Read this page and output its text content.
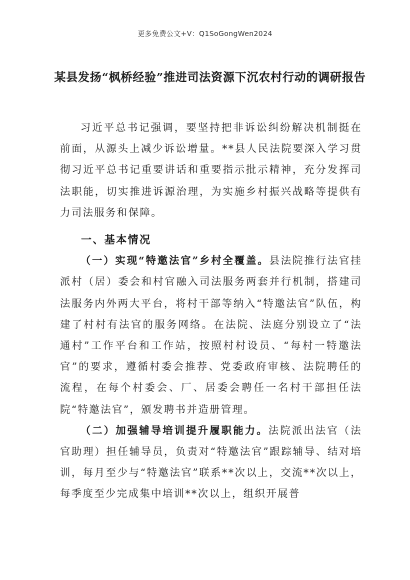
更多免费公文+V：Q1SoGongWen2024
某县发扬“枫桥经验”推进司法资源下沉农村行动的调研报告

习近平总书记强调，要坚持把非诉讼纠纷解决机制挺在前面，从源头上减少诉讼增量。**县人民法院要深入学习贯彻习近平总书记重要讲话和重要指示批示精神，充分发挥司法职能，切实推进诉源治理，为实施乡村振兴战略等提供有力司法服务和保障。

一、基本情况

（一）实现“特邀法官”乡村全覆盖。县法院推行法官挂派村（居）委会和村官融入司法服务两套并行机制，搭建司法服务内外两大平台，将村干部等纳入“特邀法官”队伍，构建了村村有法官的服务网络。在法院、法庭分别设立了“法通村”工作平台和工作站，按照村村设员、“每村一特邀法官”的要求，遵循村委会推荐、党委政府审核、法院聘任的流程，在每个村委会、厂、居委会聘任一名村干部担任法院“特邀法官”，颁发聘书并造册管理。

（二）加强辅导培训提升履职能力。法院派出法官（法官助理）担任辅导员，负责对“特邀法官”跟踪辅导、结对培训，每月至少与“特邀法官”联系**次以上，交流**次以上，每季度至少完成集中培训**次以上，组织开展普
